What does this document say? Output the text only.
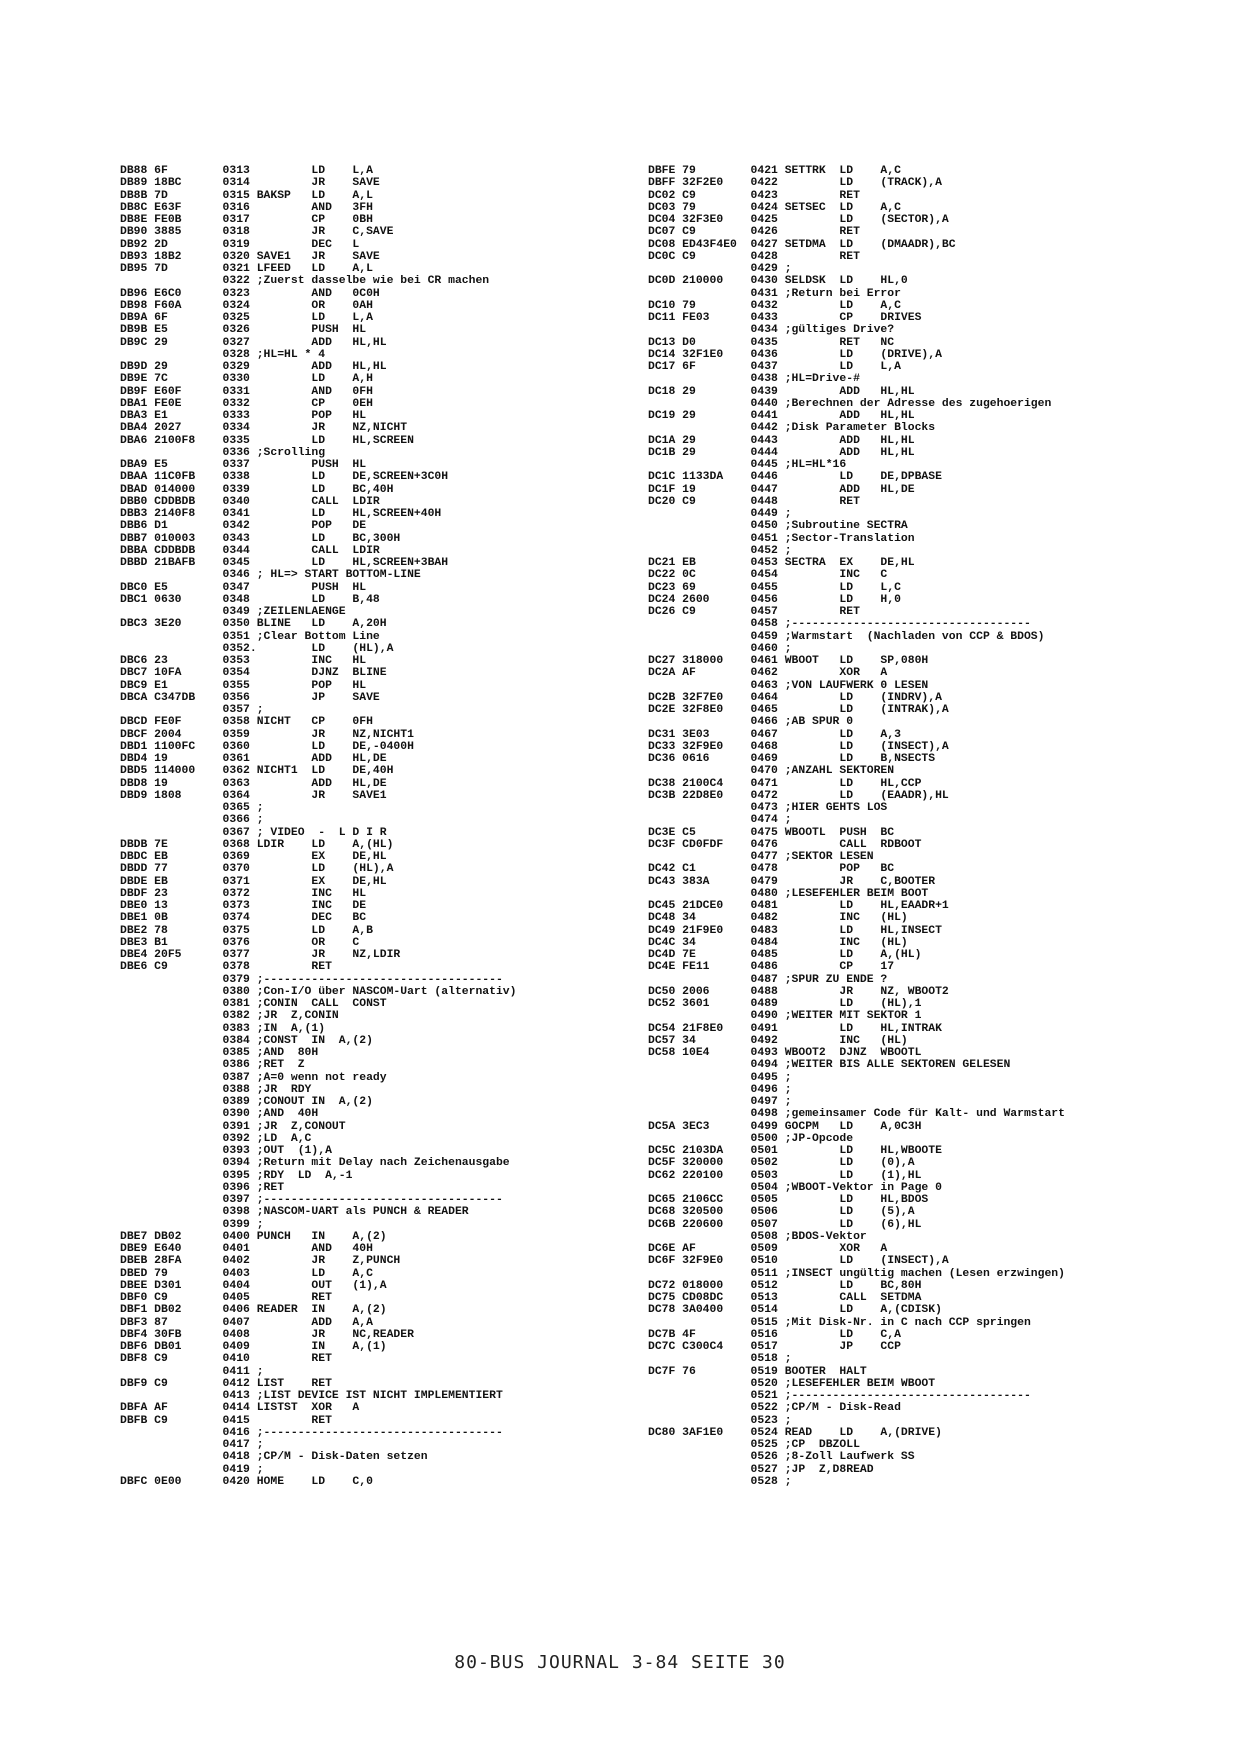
DB88 6F        0313         LD    L,A
DB89 18BC      0314         JR    SAVE
DB8B 7D        0315 BAKSP   LD    A,L
DB8C E63F      0316         AND   3FH
DB8E FE0B      0317         CP    0BH
DB90 3885      0318         JR    C,SAVE
DB92 2D        0319         DEC   L
DB93 18B2      0320 SAVE1   JR    SAVE
DB95 7D        0321 LFEED   LD    A,L
0322 ;Zuerst dasselbe wie bei CR machen
DB96 E6C0      0323         AND   0C0H
DB98 F60A      0324         OR    0AH
DB9A 6F        0325         LD    L,A
DB9B E5        0326         PUSH  HL
DB9C 29        0327         ADD   HL,HL
0328 ;HL=HL * 4
DB9D 29        0329         ADD   HL,HL
DB9E 7C        0330         LD    A,H
DB9F E60F      0331         AND   0FH
DBA1 FE0E      0332         CP    0EH
DBA3 E1        0333         POP   HL
DBA4 2027      0334         JR    NZ,NICHT
DBA6 2100F8    0335         LD    HL,SCREEN
0336 ;Scrolling
DBA9 E5        0337         PUSH  HL
DBAA 11C0FB    0338         LD    DE,SCREEN+3C0H
DBAD 014000    0339         LD    BC,40H
DBB0 CDDBDB    0340         CALL  LDIR
DBB3 2140F8    0341         LD    HL,SCREEN+40H
DBB6 D1        0342         POP   DE
DBB7 010003    0343         LD    BC,300H
DBBA CDDBDB    0344         CALL  LDIR
DBBD 21BAFB    0345         LD    HL,SCREEN+3BAH
0346 ; HL=> START BOTTOM-LINE
DBC0 E5        0347         PUSH  HL
DBC1 0630      0348         LD    B,48
0349 ;ZEILENLAENGE
DBC3 3E20      0350 BLINE   LD    A,20H
0351 ;Clear Bottom Line
0352.        LD    (HL),A
DBC6 23        0353         INC   HL
DBC7 10FA      0354         DJNZ  BLINE
DBC9 E1        0355         POP   HL
DBCA C347DB    0356         JP    SAVE
0357 ;
DBCD FE0F      0358 NICHT   CP    0FH
DBCF 2004      0359         JR    NZ,NICHT1
DBD1 1100FC    0360         LD    DE,-0400H
DBD4 19        0361         ADD   HL,DE
DBD5 114000    0362 NICHT1  LD    DE,40H
DBD8 19        0363         ADD   HL,DE
DBD9 1808      0364         JR    SAVE1
0365 ;
0366 ;
0367 ; VIDEO  -  L D I R
DBDB 7E        0368 LDIR    LD    A,(HL)
DBDC EB        0369         EX    DE,HL
DBDD 77        0370         LD    (HL),A
DBDE EB        0371         EX    DE,HL
DBDF 23        0372         INC   HL
DBE0 13        0373         INC   DE
DBE1 0B        0374         DEC   BC
DBE2 78        0375         LD    A,B
DBE3 B1        0376         OR    C
DBE4 20F5      0377         JR    NZ,LDIR
DBE6 C9        0378         RET
0379 ;-----------------------------------
0380 ;Con-I/O über NASCOM-Uart (alternativ)
0381 ;CONIN  CALL  CONST
0382 ;JR  Z,CONIN
0383 ;IN  A,(1)
0384 ;CONST  IN  A,(2)
0385 ;AND  80H
0386 ;RET  Z
0387 ;A=0 wenn not ready
0388 ;JR  RDY
0389 ;CONOUT IN  A,(2)
0390 ;AND  40H
0391 ;JR  Z,CONOUT
0392 ;LD  A,C
0393 ;OUT  (1),A
0394 ;Return mit Delay nach Zeichenausgabe
0395 ;RDY  LD  A,-1
0396 ;RET
0397 ;-----------------------------------
0398 ;NASCOM-UART als PUNCH & READER
0399 ;
DBE7 DB02      0400 PUNCH   IN    A,(2)
DBE9 E640      0401         AND   40H
DBEB 28FA      0402         JR    Z,PUNCH
DBED 79        0403         LD    A,C
DBEE D301      0404         OUT   (1),A
DBF0 C9        0405         RET
DBF1 DB02      0406 READER  IN    A,(2)
DBF3 87        0407         ADD   A,A
DBF4 30FB      0408         JR    NC,READER
DBF6 DB01      0409         IN    A,(1)
DBF8 C9        0410         RET
0411 ;
DBF9 C9        0412 LIST    RET
0413 ;LIST DEVICE IST NICHT IMPLEMENTIERT
DBFA AF        0414 LISTST  XOR   A
DBFB C9        0415         RET
0416 ;-----------------------------------
0417 ;
0418 ;CP/M - Disk-Daten setzen
0419 ;
DBFC 0E00      0420 HOME    LD    C,0
DBFE 79        0421 SETTRK  LD    A,C
DBFF 32F2E0    0422         LD    (TRACK),A
DC02 C9        0423         RET
DC03 79        0424 SETSEC  LD    A,C
DC04 32F3E0    0425         LD    (SECTOR),A
DC07 C9        0426         RET
DC08 ED43F4E0  0427 SETDMA  LD    (DMAADR),BC
DC0C C9        0428         RET
0429 ;
DC0D 210000    0430 SELDSK  LD    HL,0
0431 ;Return bei Error
DC10 79        0432         LD    A,C
DC11 FE03      0433         CP    DRIVES
0434 ;gültiges Drive?
DC13 D0        0435         RET   NC
DC14 32F1E0    0436         LD    (DRIVE),A
DC17 6F        0437         LD    L,A
0438 ;HL=Drive-#
DC18 29        0439         ADD   HL,HL
0440 ;Berechnen der Adresse des zugehoerigen
DC19 29        0441         ADD   HL,HL
0442 ;Disk Parameter Blocks
DC1A 29        0443         ADD   HL,HL
DC1B 29        0444         ADD   HL,HL
0445 ;HL=HL*16
DC1C 1133DA    0446         LD    DE,DPBASE
DC1F 19        0447         ADD   HL,DE
DC20 C9        0448         RET
0449 ;
0450 ;Subroutine SECTRA
0451 ;Sector-Translation
0452 ;
DC21 EB        0453 SECTRA  EX    DE,HL
DC22 0C        0454         INC   C
DC23 69        0455         LD    L,C
DC24 2600      0456         LD    H,0
DC26 C9        0457         RET
0458 ;-----------------------------------
0459 ;Warmstart  (Nachladen von CCP & BDOS)
0460 ;
DC27 318000    0461 WBOOT   LD    SP,080H
DC2A AF        0462         XOR   A
0463 ;VON LAUFWERK 0 LESEN
DC2B 32F7E0    0464         LD    (INDRV),A
DC2E 32F8E0    0465         LD    (INTRAK),A
0466 ;AB SPUR 0
DC31 3E03      0467         LD    A,3
DC33 32F9E0    0468         LD    (INSECT),A
DC36 0616      0469         LD    B,NSECTS
0470 ;ANZAHL SEKTOREN
DC38 2100C4    0471         LD    HL,CCP
DC3B 22D8E0    0472         LD    (EAADR),HL
0473 ;HIER GEHTS LOS
0474 ;
DC3E C5        0475 WBOOTL  PUSH  BC
DC3F CD0FDF    0476         CALL  RDBOOT
0477 ;SEKTOR LESEN
DC42 C1        0478         POP   BC
DC43 383A      0479         JR    C,BOOTER
0480 ;LESEFEHLER BEIM BOOT
DC45 21DCE0    0481         LD    HL,EAADR+1
DC48 34        0482         INC   (HL)
DC49 21F9E0    0483         LD    HL,INSECT
DC4C 34        0484         INC   (HL)
DC4D 7E        0485         LD    A,(HL)
DC4E FE11      0486         CP    17
0487 ;SPUR ZU ENDE ?
DC50 2006      0488         JR    NZ, WBOOT2
DC52 3601      0489         LD    (HL),1
0490 ;WEITER MIT SEKTOR 1
DC54 21F8E0    0491         LD    HL,INTRAK
DC57 34        0492         INC   (HL)
DC58 10E4      0493 WBOOT2  DJNZ  WBOOTL
0494 ;WEITER BIS ALLE SEKTOREN GELESEN
0495 ;
0496 ;
0497 ;
0498 ;gemeinsamer Code für Kalt- und Warmstart
DC5A 3EC3      0499 GOCPM   LD    A,0C3H
0500 ;JP-Opcode
DC5C 2103DA    0501         LD    HL,WBOOTE
DC5F 320000    0502         LD    (0),A
DC62 220100    0503         LD    (1),HL
0504 ;WBOOT-Vektor in Page 0
DC65 2106CC    0505         LD    HL,BDOS
DC68 320500    0506         LD    (5),A
DC6B 220600    0507         LD    (6),HL
0508 ;BDOS-Vektor
DC6E AF        0509         XOR   A
DC6F 32F9E0    0510         LD    (INSECT),A
0511 ;INSECT ungültig machen (Lesen erzwingen)
DC72 018000    0512         LD    BC,80H
DC75 CD08DC    0513         CALL  SETDMA
DC78 3A0400    0514         LD    A,(CDISK)
0515 ;Mit Disk-Nr. in C nach CCP springen
DC7B 4F        0516         LD    C,A
DC7C C300C4    0517         JP    CCP
0518 ;
DC7F 76        0519 BOOTER  HALT
0520 ;LESEFEHLER BEIM WBOOT
0521 ;-----------------------------------
0522 ;CP/M - Disk-Read
0523 ;
DC80 3AF1E0    0524 READ    LD    A,(DRIVE)
0525 ;CP  DBZOLL
0526 ;8-Zoll Laufwerk SS
0527 ;JP  Z,D8READ
0528 ;
80-BUS JOURNAL 3-84 SEITE 30
